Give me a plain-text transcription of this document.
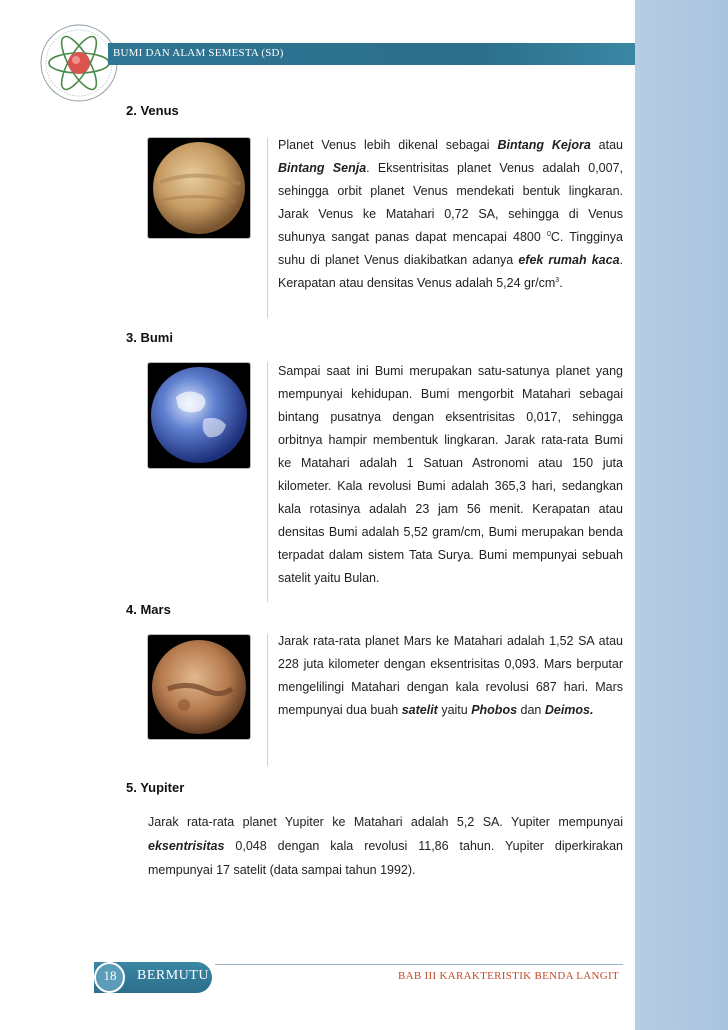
BUMI DAN ALAM SEMESTA (SD)
2. Venus
Planet Venus lebih dikenal sebagai Bintang Kejora atau Bintang Senja. Eksentrisitas planet Venus adalah 0,007, sehingga orbit planet Venus mendekati bentuk lingkaran. Jarak Venus ke Matahari 0,72 SA, sehingga di Venus suhunya sangat panas dapat mencapai 4800 $^0$C. Tingginya suhu di planet Venus diakibatkan adanya efek rumah kaca. Kerapatan atau densitas Venus adalah 5,24 $gr/cm^3$.
3. Bumi
Sampai saat ini Bumi merupakan satu-satunya planet yang mempunyai kehidupan. Bumi mengorbit Matahari sebagai bintang pusatnya dengan eksentrisitas 0,017, sehingga orbitnya hampir membentuk lingkaran. Jarak rata-rata Bumi ke Matahari adalah 1 Satuan Astronomi atau 150 juta kilometer. Kala revolusi Bumi adalah 365,3 hari, sedangkan kala rotasinya adalah 23 jam 56 menit. Kerapatan atau densitas Bumi adalah 5,52 gram/cm, Bumi merupakan benda terpadat dalam sistem Tata Surya. Bumi mempunyai sebuah satelit yaitu Bulan.
4. Mars
Jarak rata-rata planet Mars ke Matahari adalah 1,52 SA atau 228 juta kilometer dengan eksentrisitas 0,093. Mars berputar mengelilingi Matahari dengan kala revolusi 687 hari. Mars mempunyai dua buah satelit yaitu Phobos dan Deimos.
5. Yupiter
Jarak rata-rata planet Yupiter ke Matahari adalah 5,2 SA. Yupiter mempunyai eksentrisitas 0,048 dengan kala revolusi 11,86 tahun. Yupiter diperkirakan mempunyai 17 satelit (data sampai tahun 1992).
18	BERMUTU	BAB III KARAKTERISTIK BENDA LANGIT
